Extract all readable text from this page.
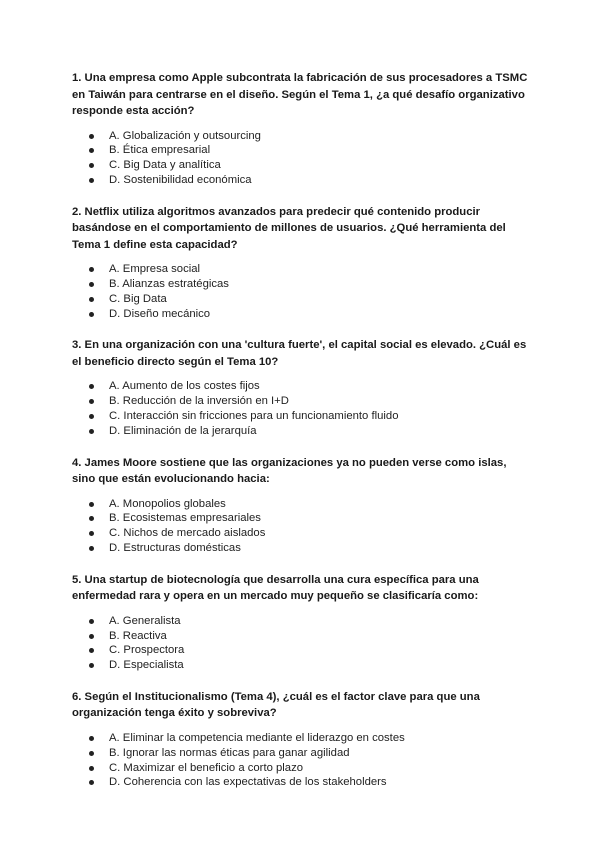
1. Una empresa como Apple subcontrata la fabricación de sus procesadores a TSMC en Taiwán para centrarse en el diseño. Según el Tema 1, ¿a qué desafío organizativo responde esta acción?

A. Globalización y outsourcing
B. Ética empresarial
C. Big Data y analítica
D. Sostenibilidad económica

2. Netflix utiliza algoritmos avanzados para predecir qué contenido producir basándose en el comportamiento de millones de usuarios. ¿Qué herramienta del Tema 1 define esta capacidad?

A. Empresa social
B. Alianzas estratégicas
C. Big Data
D. Diseño mecánico

3. En una organización con una 'cultura fuerte', el capital social es elevado. ¿Cuál es el beneficio directo según el Tema 10?

A. Aumento de los costes fijos
B. Reducción de la inversión en I+D
C. Interacción sin fricciones para un funcionamiento fluido
D. Eliminación de la jerarquía

4. James Moore sostiene que las organizaciones ya no pueden verse como islas, sino que están evolucionando hacia:

A. Monopolios globales
B. Ecosistemas empresariales
C. Nichos de mercado aislados
D. Estructuras domésticas

5. Una startup de biotecnología que desarrolla una cura específica para una enfermedad rara y opera en un mercado muy pequeño se clasificaría como:

A. Generalista
B. Reactiva
C. Prospectora
D. Especialista

6. Según el Institucionalismo (Tema 4), ¿cuál es el factor clave para que una organización tenga éxito y sobreviva?

A. Eliminar la competencia mediante el liderazgo en costes
B. Ignorar las normas éticas para ganar agilidad
C. Maximizar el beneficio a corto plazo
D. Coherencia con las expectativas de los stakeholders
